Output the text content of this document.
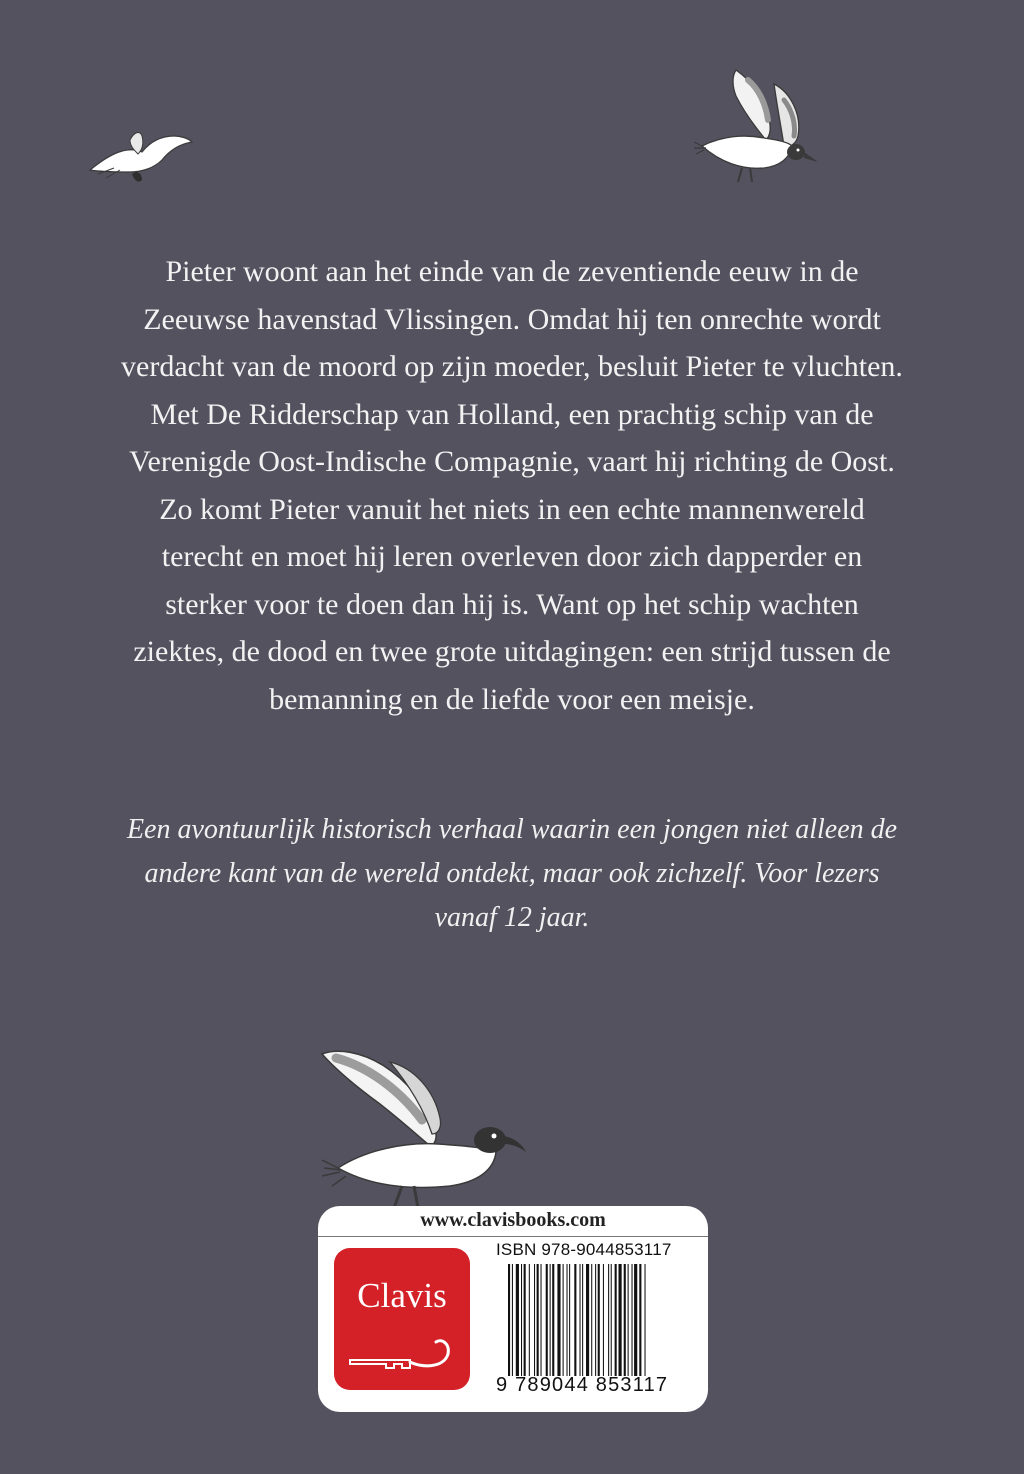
Pieter woont aan het einde van de zeventiende eeuw in de Zeeuwse havenstad Vlissingen. Omdat hij ten onrechte wordt verdacht van de moord op zijn moeder, besluit Pieter te vluchten. Met De Ridderschap van Holland, een prachtig schip van de Verenigde Oost-Indische Compagnie, vaart hij richting de Oost. Zo komt Pieter vanuit het niets in een echte mannenwereld terecht en moet hij leren overleven door zich dapperder en sterker voor te doen dan hij is. Want op het schip wachten ziektes, de dood en twee grote uitdagingen: een strijd tussen de bemanning en de liefde voor een meisje.
Een avontuurlijk historisch verhaal waarin een jongen niet alleen de andere kant van de wereld ontdekt, maar ook zichzelf. Voor lezers vanaf 12 jaar.
www.clavisbooks.com
Clavis
ISBN 978-9044853117
9 789044 853117
